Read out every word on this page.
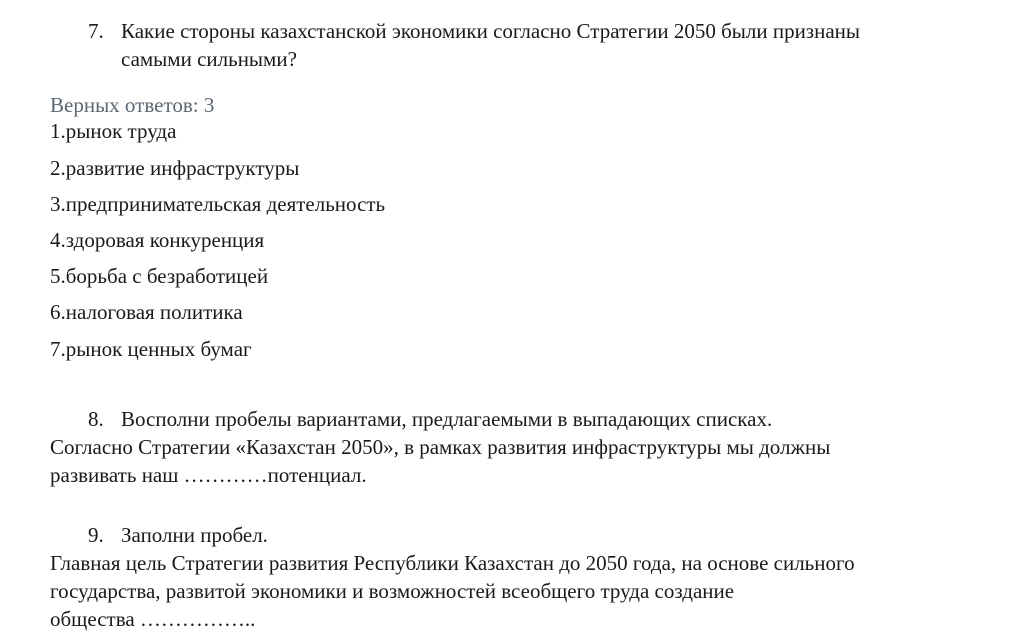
7. Какие стороны казахстанской экономики согласно Стратегии 2050 были признаны
самыми сильными?
Верных ответов: 3
1.рынок труда
2.развитие инфраструктуры
3.предпринимательская деятельность
4.здоровая конкуренция
5.борьба с безработицей
6.налоговая политика
7.рынок ценных бумаг
8. Восполни пробелы вариантами, предлагаемыми в выпадающих списках.
Согласно Стратегии «Казахстан 2050», в рамках развития инфраструктуры мы должны
развивать наш …………потенциал.
9. Заполни пробел.
Главная цель Стратегии развития Республики Казахстан до 2050 года, на основе сильного
государства, развитой экономики и возможностей всеобщего труда создание
общества ……………..
